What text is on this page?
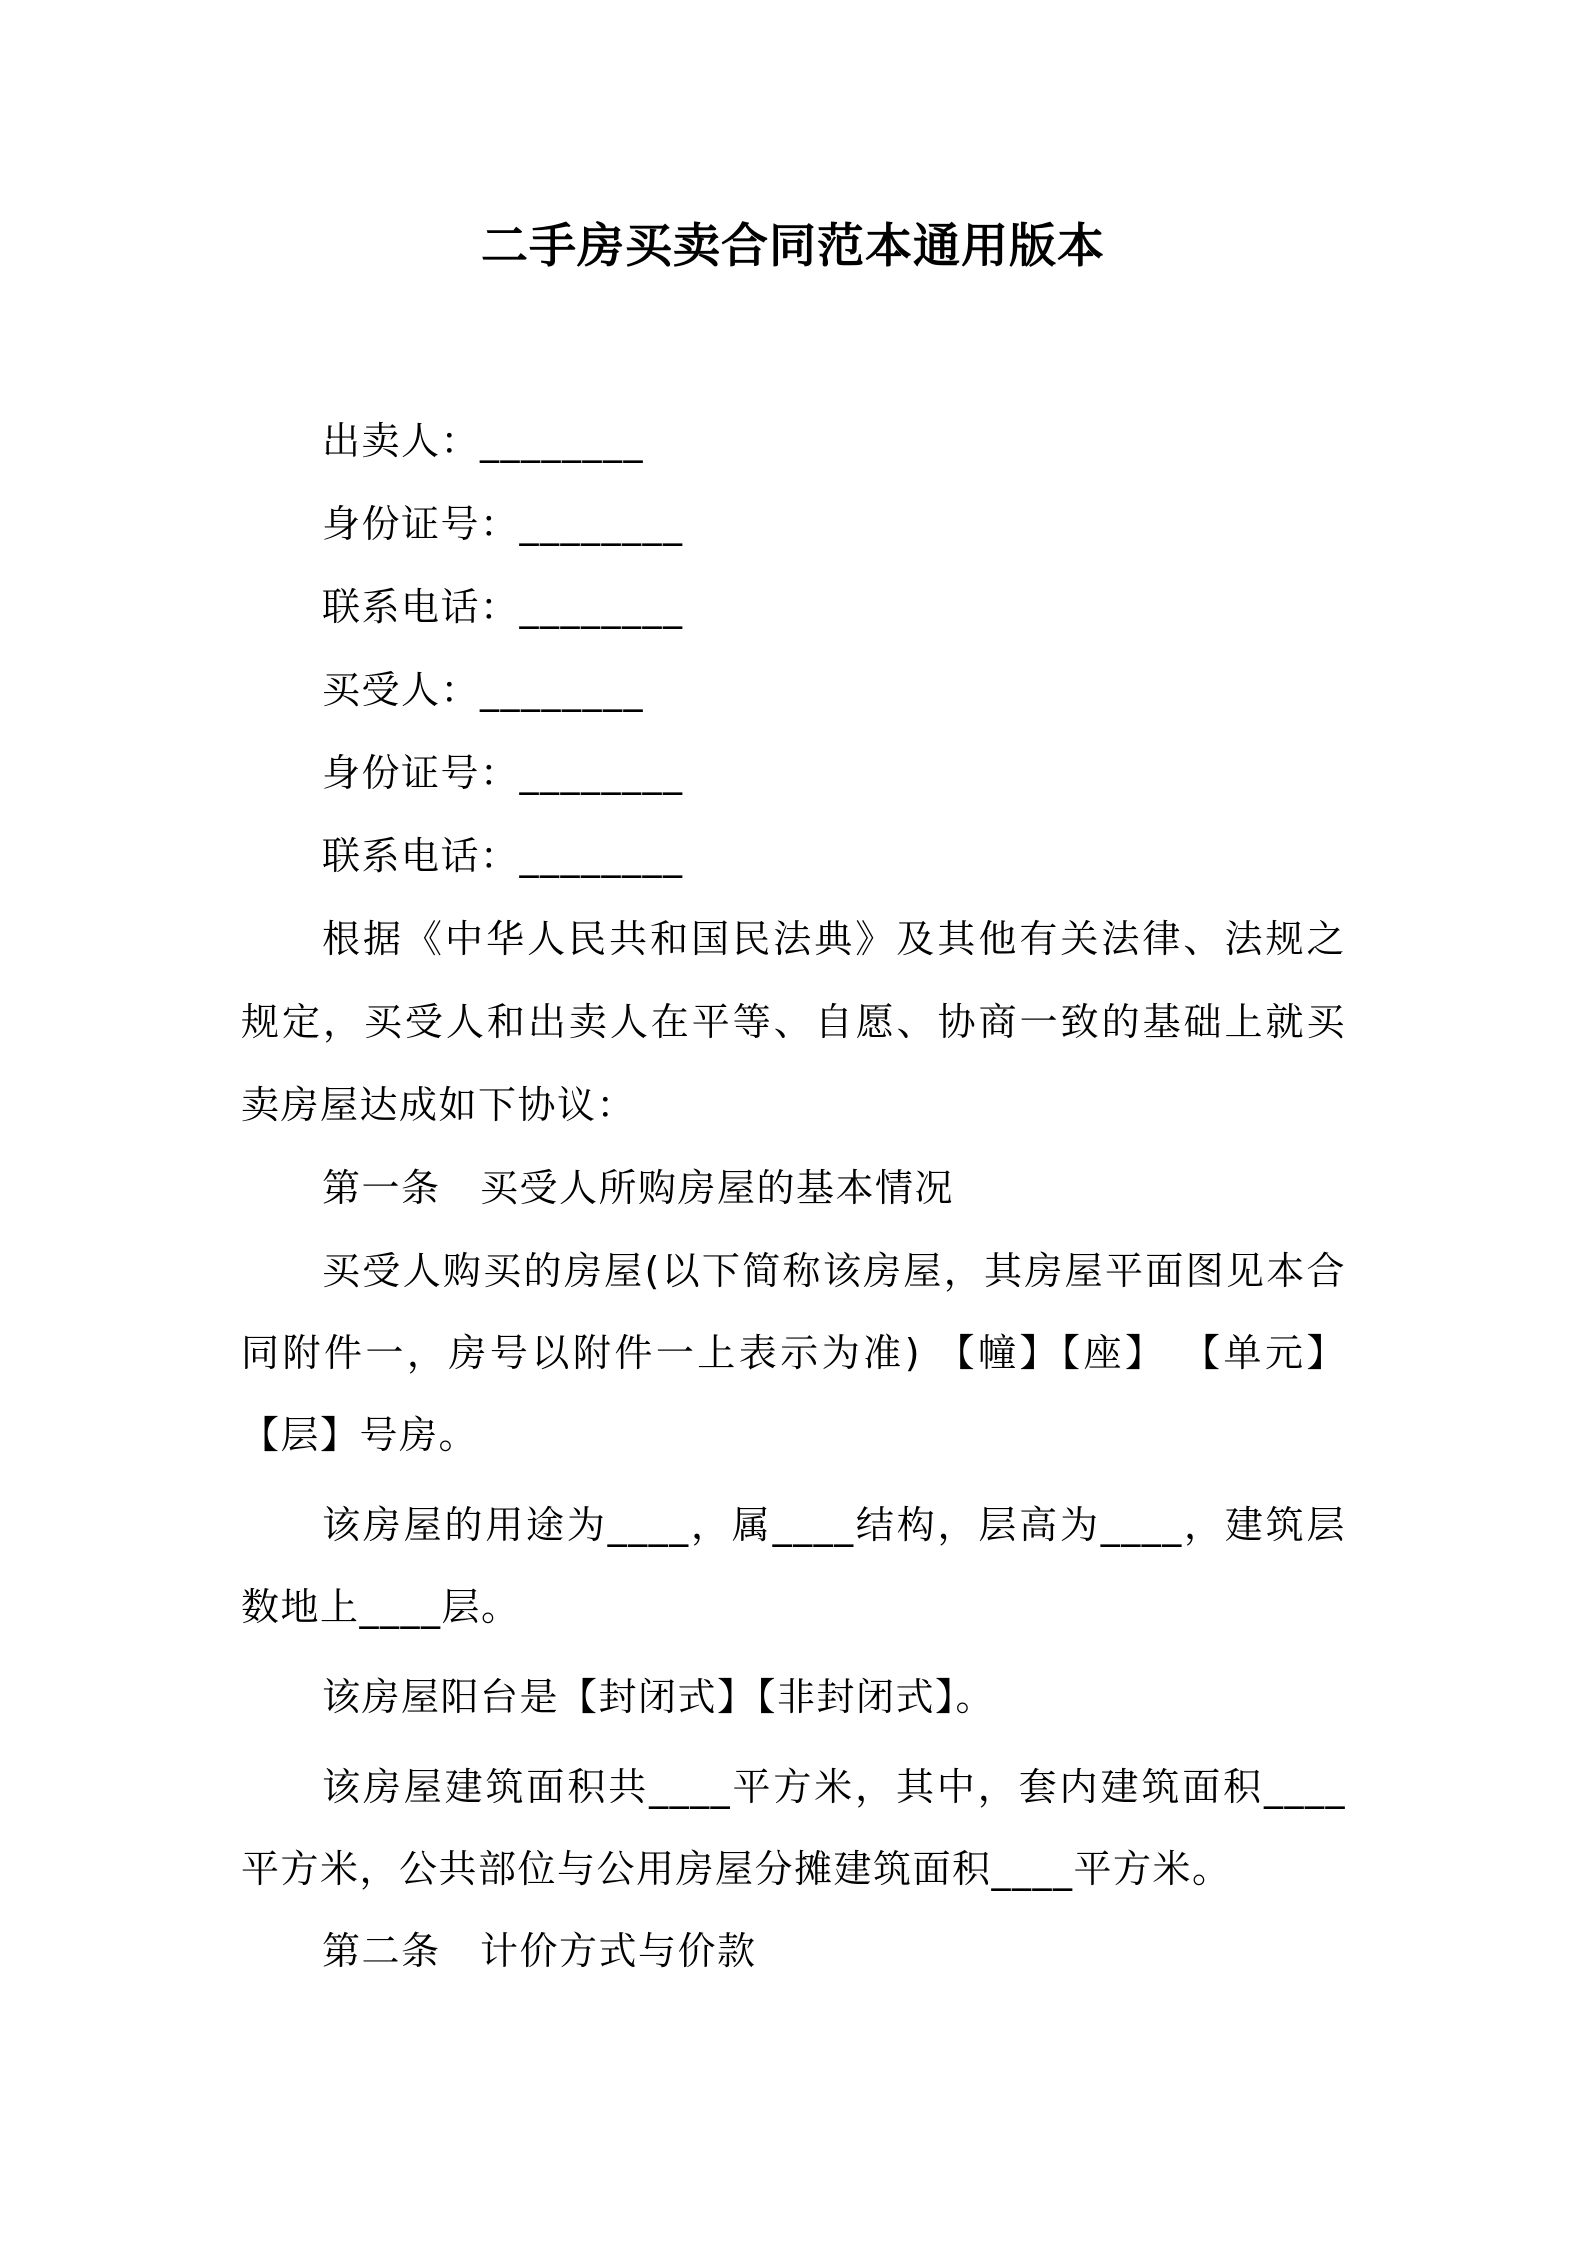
二手房买卖合同范本通用版本

出卖人：________

身份证号：________

联系电话：________

买受人：________

身份证号：________

联系电话：________

根据《中华人民共和国民法典》及其他有关法律、法规之规定，买受人和出卖人在平等、自愿、协商一致的基础上就买卖房屋达成如下协议：

第一条　买受人所购房屋的基本情况

买受人购买的房屋(以下简称该房屋，其房屋平面图见本合同附件一，房号以附件一上表示为准) 【幢】【座】 【单元】【层】号房。

该房屋的用途为____，属____结构，层高为____，建筑层数地上____层。

该房屋阳台是【封闭式】【非封闭式】。

该房屋建筑面积共____平方米，其中，套内建筑面积____平方米，公共部位与公用房屋分摊建筑面积____平方米。

第二条　计价方式与价款
